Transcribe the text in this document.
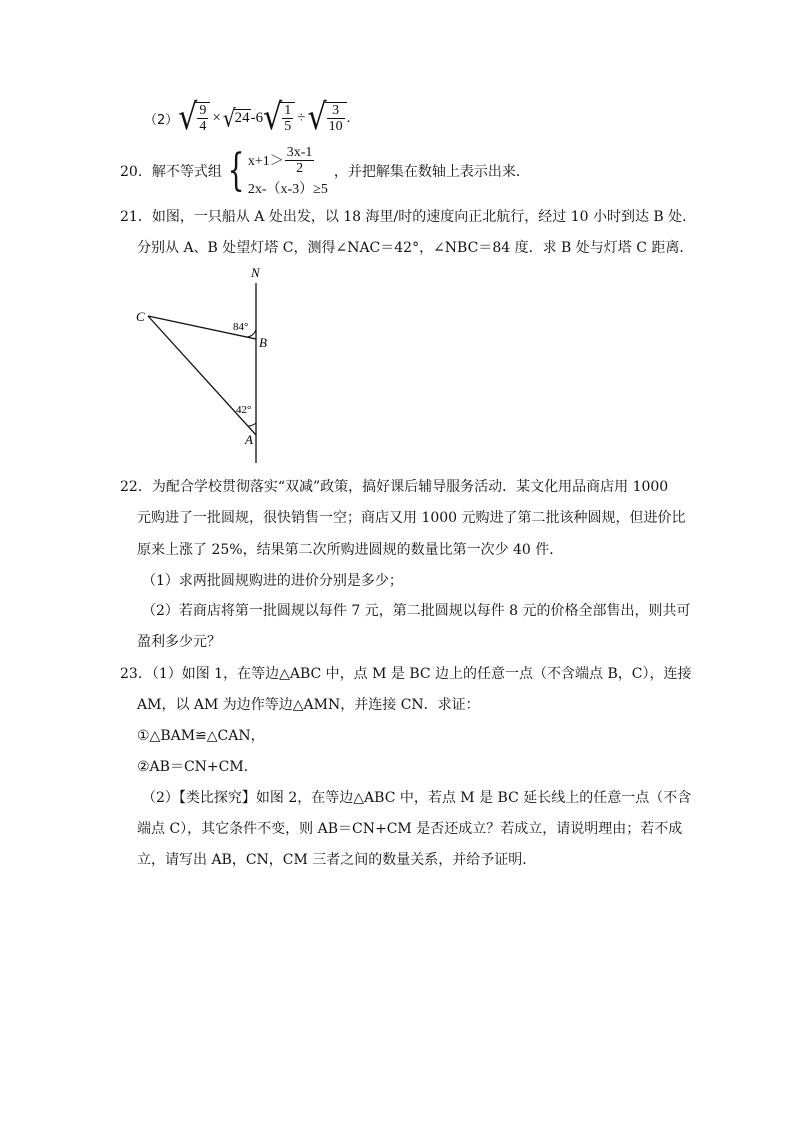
（2） √ $\frac{9}{4} \times √24$ -6 √ $\frac{1}{5}$ ÷ √ $\frac{3}{10}$ .
20． 解不等式组 { $x+1> \frac{3x-1}{2}$
2x-（x-3）≥5
，并把解集在数轴上表示出来．
21．如图，一只船从 A 处出发，以 18 海里/时的速度向正北航行，经过 10 小时到达 B 处．
分别从 A、B 处望灯塔 C，测得∠NAC＝42°，∠NBC＝84 度．求 B 处与灯塔 C 距离．
N
C
B
A
84°
42°
22．为配合学校贯彻落实“双减”政策，搞好课后辅导服务活动．某文化用品商店用 1000
元购进了一批圆规，很快销售一空；商店又用 1000 元购进了第二批该种圆规，但进价比
原来上涨了 25%，结果第二次所购进圆规的数量比第一次少 40 件．
（1）求两批圆规购进的进价分别是多少；
（2）若商店将第一批圆规以每件 7 元，第二批圆规以每件 8 元的价格全部售出，则共可
盈利多少元？
23．（1）如图 1，在等边△ABC 中，点 M 是 BC 边上的任意一点（不含端点 B，C），连接
AM，以 AM 为边作等边△AMN，并连接 CN．求证：
①△BAM≌△CAN，
②AB＝CN+CM．
（2）【类比探究】如图 2，在等边△ABC 中，若点 M 是 BC 延长线上的任意一点（不含
端点 C），其它条件不变，则 AB＝CN+CM 是否还成立？若成立，请说明理由；若不成
立，请写出 AB，CN，CM 三者之间的数量关系，并给予证明．
